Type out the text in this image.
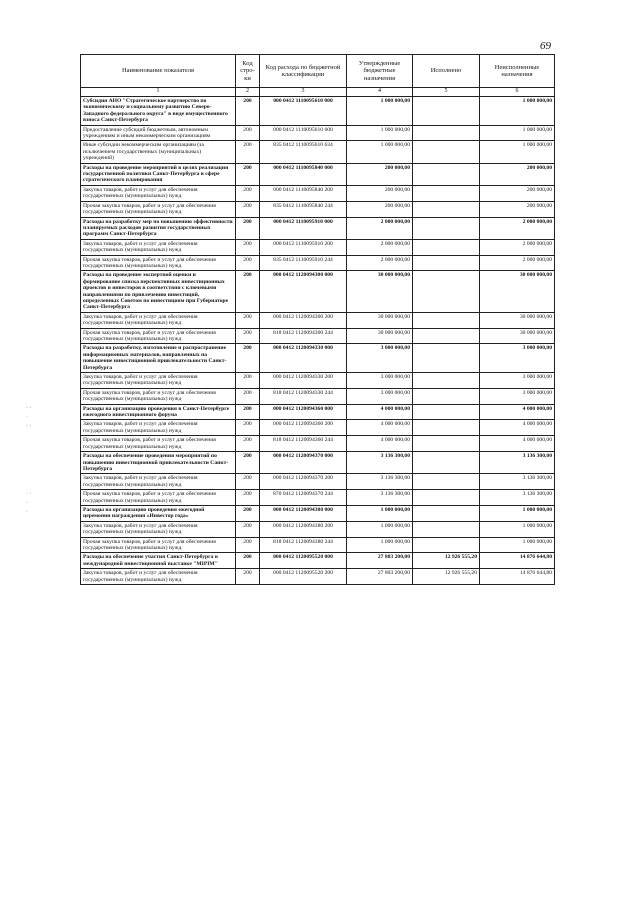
69
· ·
·
· ·
· ·
·
·
Наименование показателя	Код стро-ки	Код расхода по бюджетной классификации	Утвержденные бюджетные назначения	Исполнено	Неисполненные назначения
1	2	3	4	5	6
Субсидия АНО "Стратегическое партнерство по экономическому и социальному развитию Северо-Западного федерального округа" в виде имущественного взноса Санкт-Петербурга	200	000 0412 1110095610 000	1 000 000,00		1 000 000,00
Предоставление субсидий бюджетным, автономным учреждениям и иным некоммерческим организациям	200	000 0412 1110095610 600	1 000 000,00		1 000 000,00
Иные субсидии некоммерческим организациям (за исключением государственных (муниципальных) учреждений)	200	835 0412 1110095610 634	1 000 000,00		1 000 000,00
Расходы на проведение мероприятий в целях реализации государственной политики Санкт-Петербурга в сфере стратегического планирования	200	000 0412 1110095840 000	200 000,00		200 000,00
Закупка товаров, работ и услуг для обеспечения государственных (муниципальных) нужд	200	000 0412 1110095840 200	200 000,00		200 000,00
Прочая закупка товаров, работ и услуг для обеспечения государственных (муниципальных) нужд	200	835 0412 1110095840 244	200 000,00		200 000,00
Расходы на разработку мер по повышению эффективности планируемых расходов развития государственных программ Санкт-Петербурга	200	000 0412 1110095910 000	2 000 000,00		2 000 000,00
Закупка товаров, работ и услуг для обеспечения государственных (муниципальных) нужд	200	000 0412 1110095910 200	2 000 000,00		2 000 000,00
Прочая закупка товаров, работ и услуг для обеспечения государственных (муниципальных) нужд	200	835 0412 1110095910 244	2 000 000,00		2 000 000,00
Расходы на проведение экспертной оценки и формирование списка перспективных инвестиционных проектов и инвесторов в соответствии с ключевыми направлениями по привлечению инвестиций, определенных Советом по инвестициям при Губернаторе Санкт-Петербурга	200	000 0412 1120094300 000	30 000 000,00		30 000 000,00
Закупка товаров, работ и услуг для обеспечения государственных (муниципальных) нужд	200	000 0412 1120094300 200	30 000 000,00		30 000 000,00
Прочая закупка товаров, работ и услуг для обеспечения государственных (муниципальных) нужд	200	818 0412 1120094300 244	30 000 000,00		30 000 000,00
Расходы на разработку, изготовление и распространение информационных материалов, направленных на повышение инвестиционной привлекательности Санкт-Петербурга	200	000 0412 1120094330 000	3 000 000,00		3 000 000,00
Закупка товаров, работ и услуг для обеспечения государственных (муниципальных) нужд	200	000 0412 1120094330 200	3 000 000,00		3 000 000,00
Прочая закупка товаров, работ и услуг для обеспечения государственных (муниципальных) нужд	200	818 0412 1120094330 244	3 000 000,00		3 000 000,00
Расходы на организацию проведения в Санкт-Петербурге ежегодного инвестиционного форума	200	000 0412 1120094360 000	4 000 000,00		4 000 000,00
Закупка товаров, работ и услуг для обеспечения государственных (муниципальных) нужд	200	000 0412 1120094360 200	4 000 000,00		4 000 000,00
Прочая закупка товаров, работ и услуг для обеспечения государственных (муниципальных) нужд	200	818 0412 1120094360 244	4 000 000,00		4 000 000,00
Расходы на обеспечение проведения мероприятий по повышению инвестиционной привлекательности Санкт-Петербурга	200	000 0412 1120094370 000	3 136 300,00		3 136 300,00
Закупка товаров, работ и услуг для обеспечения государственных (муниципальных) нужд	200	000 0412 1120094370 200	3 136 300,00		3 136 300,00
Прочая закупка товаров, работ и услуг для обеспечения государственных (муниципальных) нужд	200	870 0412 1120094370 244	3 136 300,00		3 136 300,00
Расходы на организацию проведения ежегодной церемонии награждения «Инвестор года»	200	000 0412 1120094380 000	1 000 000,00		1 000 000,00
Закупка товаров, работ и услуг для обеспечения государственных (муниципальных) нужд	200	000 0412 1120094380 200	1 000 000,00		1 000 000,00
Прочая закупка товаров, работ и услуг для обеспечения государственных (муниципальных) нужд	200	818 0412 1120094380 244	1 000 000,00		1 000 000,00
Расходы на обеспечение участия Санкт-Петербурга в международной инвестиционной выставке "MIPIM"	200	000 0412 1120095520 000	27 803 200,00	12 926 555,20	14 876 644,80
Закупка товаров, работ и услуг для обеспечения государственных (муниципальных) нужд	200	000 0412 1120095520 200	27 803 200,00	12 926 555,20	14 876 644,80
